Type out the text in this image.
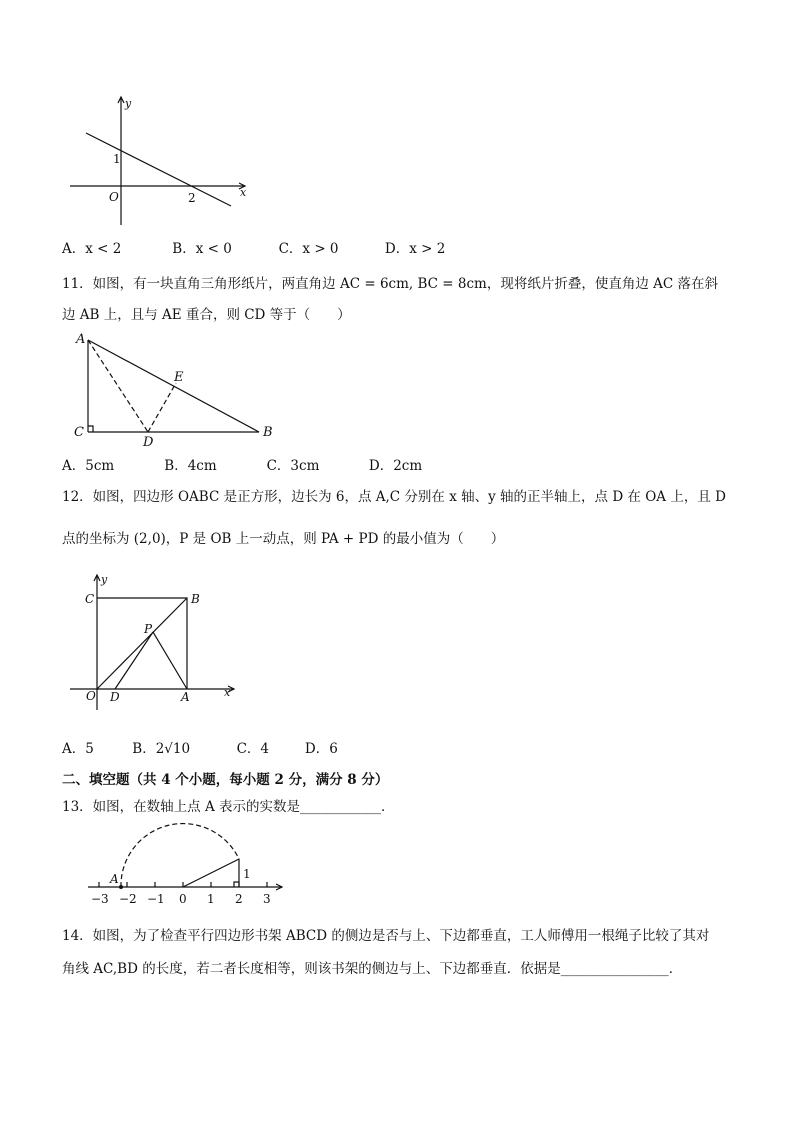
y
x
O
1
2
A．x < 2	B．x < 0	C．x > 0	D．x > 2
11．如图，有一块直角三角形纸片，两直角边 AC = 6cm, BC = 8cm，现将纸片折叠，使直角边 AC 落在斜
边 AB 上，且与 AE 重合，则 CD 等于（　　）
A
E
C
D
B
A．5cm	B．4cm	C．3cm	D．2cm
12．如图，四边形 OABC 是正方形，边长为 6，点 A,C 分别在 x 轴、y 轴的正半轴上，点 D 在 OA 上，且 D
点的坐标为 (2,0)，P 是 OB 上一动点，则 PA + PD 的最小值为（　　）
y
C	B
P
O D	A	x
A．5	B．2√10	C．4	D．6
二、填空题（共 4 个小题，每小题 2 分，满分 8 分）
13．如图，在数轴上点 A 表示的实数是____________．
A	1
−3 −2 −1 0 1 2 3
14．如图，为了检查平行四边形书架 ABCD 的侧边是否与上、下边都垂直，工人师傅用一根绳子比较了其对
角线 AC,BD 的长度，若二者长度相等，则该书架的侧边与上、下边都垂直．依据是________________．
